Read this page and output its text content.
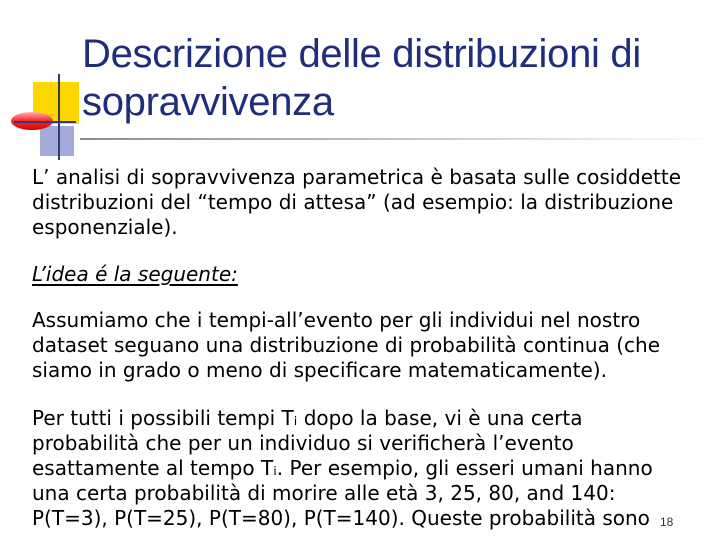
Descrizione delle distribuzioni di
sopravvivenza
L’ analisi di sopravvivenza parametrica è basata sulle cosiddette
distribuzioni del “tempo di attesa” (ad esempio: la distribuzione
esponenziale).
L’idea é la seguente:
Assumiamo che i tempi-all’evento per gli individui nel nostro
dataset seguano una distribuzione di probabilità continua (che
siamo in grado o meno di specificare matematicamente).
Per tutti i possibili tempi Tᵢ dopo la base, vi è una certa
probabilità che per un individuo si verificherà l’evento
esattamente al tempo Tᵢ. Per esempio, gli esseri umani hanno
una certa probabilità di morire alle età 3, 25, 80, and 140:
P(T=3), P(T=25), P(T=80), P(T=140). Queste probabilità sono 18
